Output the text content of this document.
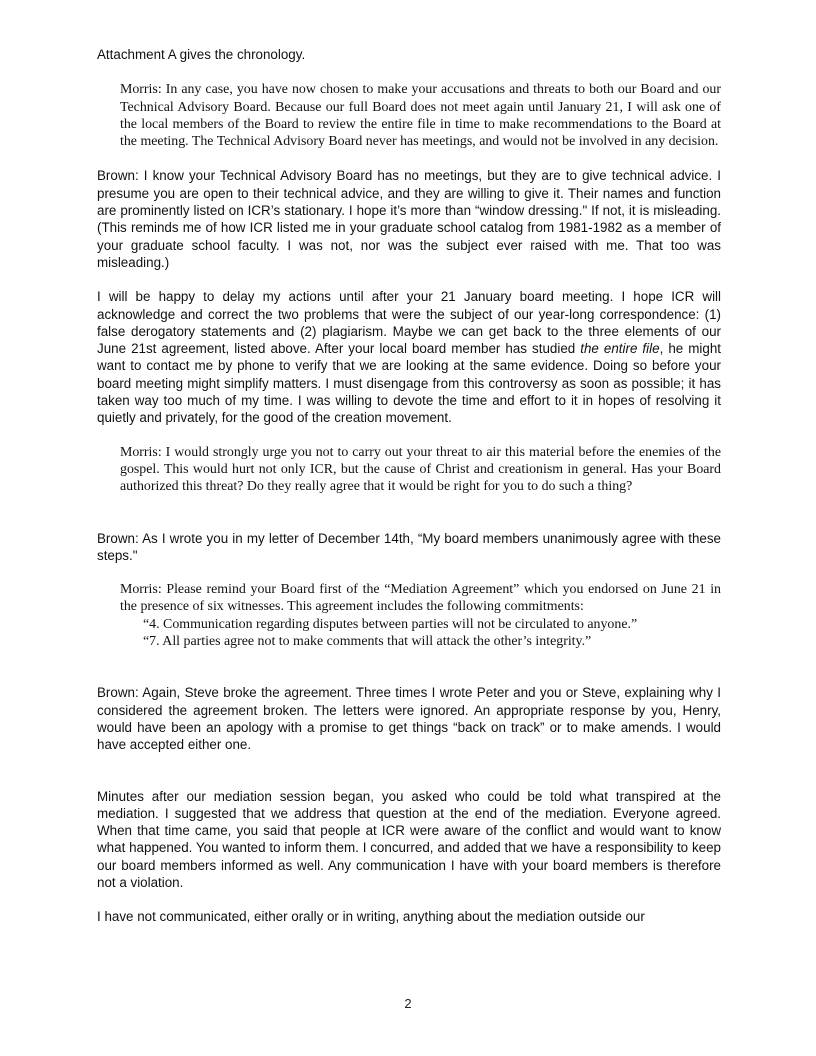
Attachment A gives the chronology.

Morris: In any case, you have now chosen to make your accusations and threats to both our Board and our Technical Advisory Board. Because our full Board does not meet again until January 21, I will ask one of the local members of the Board to review the entire file in time to make recommendations to the Board at the meeting. The Technical Advisory Board never has meetings, and would not be involved in any decision.

Brown: I know your Technical Advisory Board has no meetings, but they are to give technical advice. I presume you are open to their technical advice, and they are willing to give it. Their names and function are prominently listed on ICR’s stationary. I hope it’s more than “window dressing." If not, it is misleading. (This reminds me of how ICR listed me in your graduate school catalog from 1981-1982 as a member of your graduate school faculty. I was not, nor was the subject ever raised with me. That too was misleading.)

I will be happy to delay my actions until after your 21 January board meeting. I hope ICR will acknowledge and correct the two problems that were the subject of our year-long correspondence: (1) false derogatory statements and (2) plagiarism. Maybe we can get back to the three elements of our June 21st agreement, listed above. After your local board member has studied the entire file, he might want to contact me by phone to verify that we are looking at the same evidence. Doing so before your board meeting might simplify matters. I must disengage from this controversy as soon as possible; it has taken way too much of my time. I was willing to devote the time and effort to it in hopes of resolving it quietly and privately, for the good of the creation movement.

Morris: I would strongly urge you not to carry out your threat to air this material before the enemies of the gospel. This would hurt not only ICR, but the cause of Christ and creationism in general. Has your Board authorized this threat? Do they really agree that it would be right for you to do such a thing?

Brown: As I wrote you in my letter of December 14th, “My board members unanimously agree with these steps."

Morris: Please remind your Board first of the “Mediation Agreement” which you endorsed on June 21 in the presence of six witnesses. This agreement includes the following commitments:

“4. Communication regarding disputes between parties will not be circulated to anyone.”

“7. All parties agree not to make comments that will attack the other’s integrity.”

Brown: Again, Steve broke the agreement. Three times I wrote Peter and you or Steve, explaining why I considered the agreement broken. The letters were ignored. An appropriate response by you, Henry, would have been an apology with a promise to get things “back on track” or to make amends. I would have accepted either one.

Minutes after our mediation session began, you asked who could be told what transpired at the mediation. I suggested that we address that question at the end of the mediation. Everyone agreed. When that time came, you said that people at ICR were aware of the conflict and would want to know what happened. You wanted to inform them. I concurred, and added that we have a responsibility to keep our board members informed as well. Any communication I have with your board members is therefore not a violation.

I have not communicated, either orally or in writing, anything about the mediation outside our

2
